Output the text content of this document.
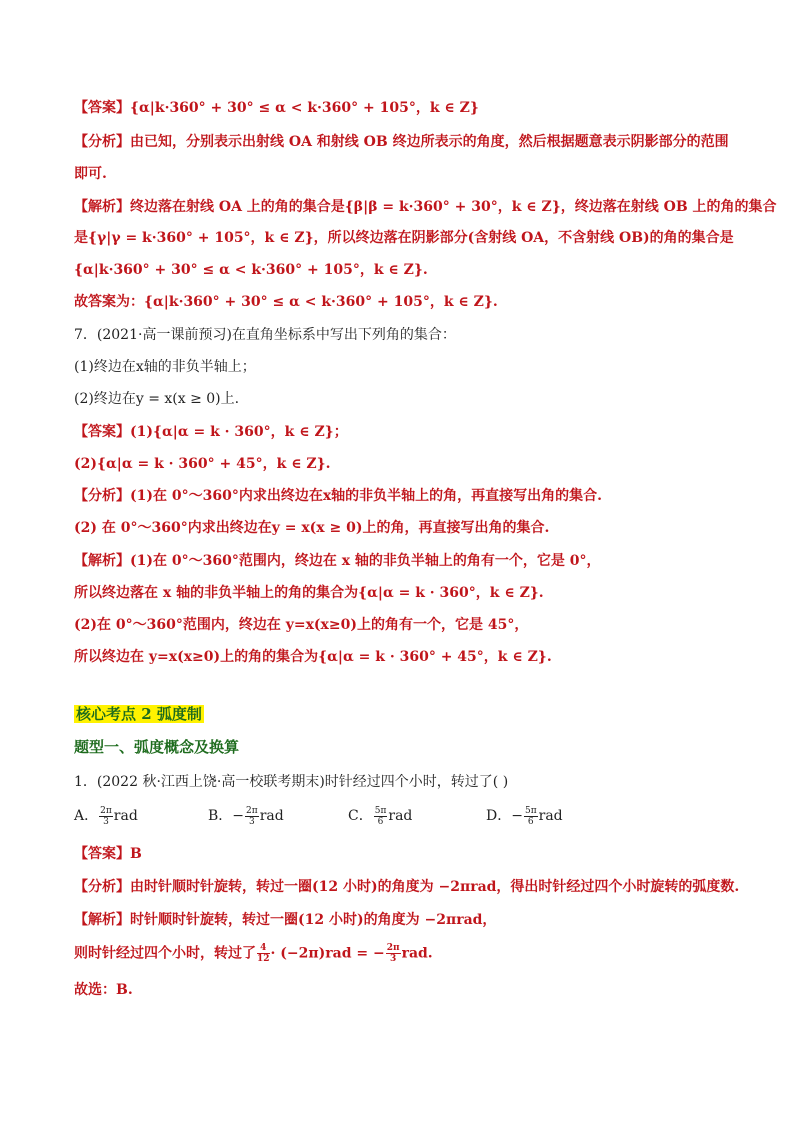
【答案】{α|k·360° + 30° ≤ α < k·360° + 105°，k ∈ Z}
【分析】由已知，分别表示出射线 OA 和射线 OB 终边所表示的角度，然后根据题意表示阴影部分的范围
即可.
【解析】终边落在射线 OA 上的角的集合是{β|β = k·360° + 30°，k ∈ Z}，终边落在射线 OB 上的角的集合
是{γ|γ = k·360° + 105°，k ∈ Z}，所以终边落在阴影部分(含射线 OA，不含射线 OB)的角的集合是
{α|k·360° + 30° ≤ α < k·360° + 105°，k ∈ Z}.
故答案为：{α|k·360° + 30° ≤ α < k·360° + 105°，k ∈ Z}.
7．(2021·高一课前预习)在直角坐标系中写出下列角的集合：
(1)终边在x轴的非负半轴上；
(2)终边在y = x(x ≥ 0)上.
【答案】(1){α|α = k · 360°，k ∈ Z}；
(2){α|α = k · 360° + 45°，k ∈ Z}.
【分析】(1)在 0°～360°内求出终边在x轴的非负半轴上的角，再直接写出角的集合.
(2) 在 0°～360°内求出终边在y = x(x ≥ 0)上的角，再直接写出角的集合.
【解析】(1)在 0°～360°范围内，终边在 x 轴的非负半轴上的角有一个，它是 0°，
所以终边落在 x 轴的非负半轴上的角的集合为{α|α = k · 360°，k ∈ Z}.
(2)在 0°～360°范围内，终边在 y=x(x≥0)上的角有一个，它是 45°，
所以终边在 y=x(x≥0)上的角的集合为{α|α = k · 360° + 45°，k ∈ Z}.
核心考点 2 弧度制
题型一、弧度概念及换算
1．(2022 秋·江西上饶·高一校联考期末)时针经过四个小时，转过了( )
A． $\frac{2\pi}{3}$ rad	B．− $\frac{2\pi}{3}$ rad	C． $\frac{5\pi}{6}$ rad	D．− $\frac{5\pi}{6}$ rad
【答案】B
【分析】由时针顺时针旋转，转过一圈(12 小时)的角度为 −2πrad，得出时针经过四个小时旋转的弧度数.
【解析】时针顺时针旋转，转过一圈(12 小时)的角度为 −2πrad，
则时针经过四个小时，转过了 $\frac{4}{12} \cdot (-2\pi)rad$ = − $\frac{2\pi}{3}$ rad.
故选：B.
